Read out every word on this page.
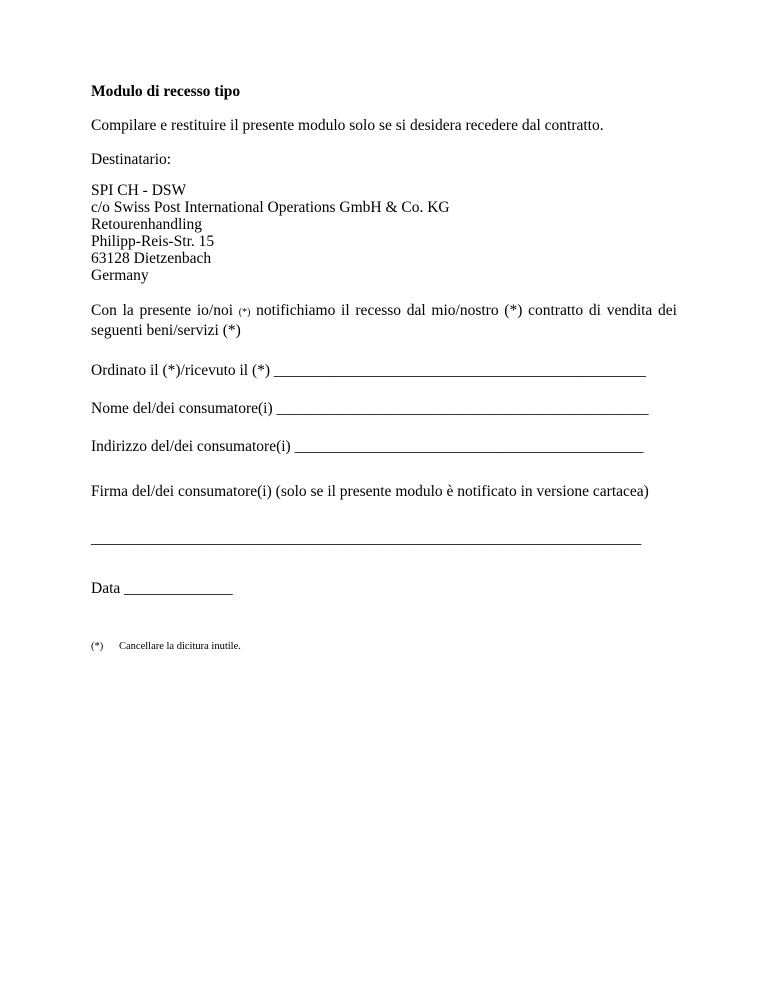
Modulo di recesso tipo
Compilare e restituire il presente modulo solo se si desidera recedere dal contratto.
Destinatario:
SPI CH - DSW
c/o Swiss Post International Operations GmbH & Co. KG
Retourenhandling
Philipp-Reis-Str. 15
63128 Dietzenbach
Germany
Con la presente io/noi (*) notifichiamo il recesso dal mio/nostro (*) contratto di vendita dei seguenti beni/servizi (*)
Ordinato il (*)/ricevuto il (*) ________________________________________________
Nome del/dei consumatore(i) ________________________________________________
Indirizzo del/dei consumatore(i) _____________________________________________
Firma del/dei consumatore(i) (solo se il presente modulo è notificato in versione cartacea)
_______________________________________________________________________
Data ______________
(*) Cancellare la dicitura inutile.
